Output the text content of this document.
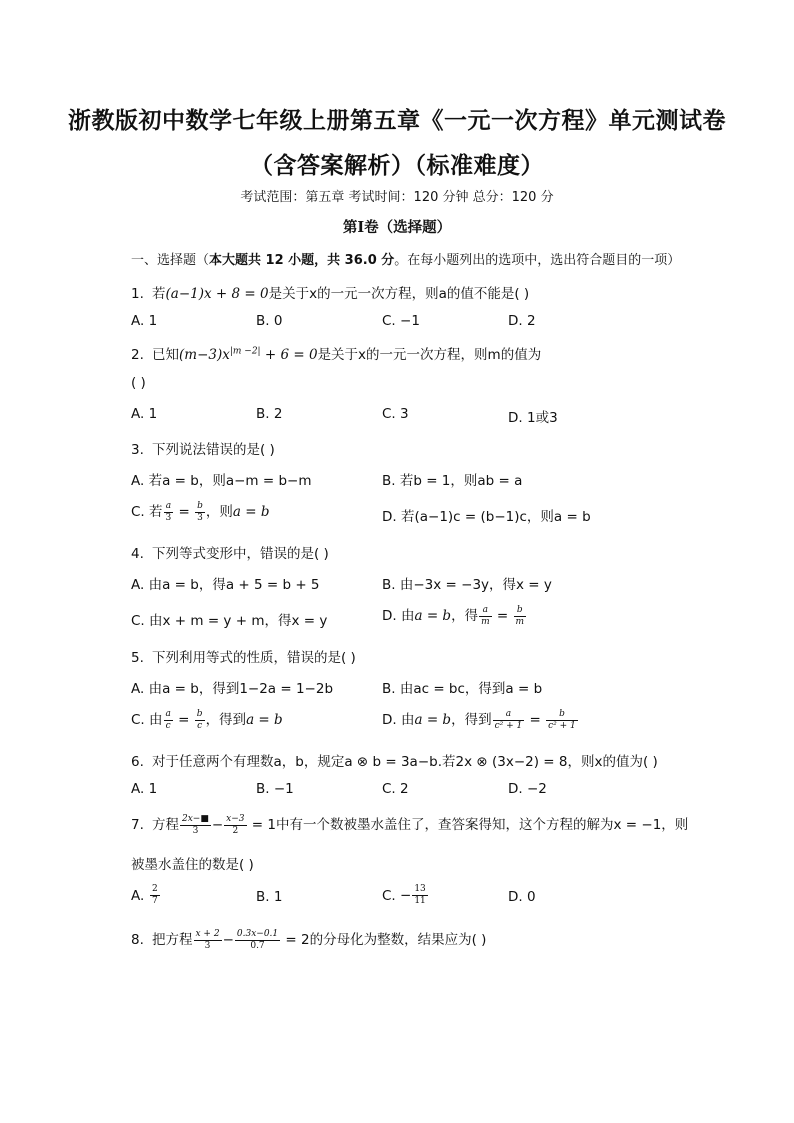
浙教版初中数学七年级上册第五章《一元一次方程》单元测试卷
（含答案解析）（标准难度）
考试范围：第五章 考试时间：120 分钟 总分：120 分
第Ⅰ卷（选择题）
一、选择题（本大题共 12 小题，共 36.0 分。在每小题列出的选项中，选出符合题目的一项）
1. 若(a−1)x + 8 = 0是关于x的一元一次方程，则a的值不能是( )
A. 1	B. 0	C. −1	D. 2
2. 已知$(m-3)x^{|m -2|} + 6 = 0$是关于x的一元一次方程，则m的值为
( )
A. 1	B. 2	C. 3	D. 1或3
3. 下列说法错误的是( )
A. 若a = b，则a−m = b−m	B. 若b = 1，则ab = a
C. 若 $\frac{a}{3} = \frac{b}{3}$ ，则a = b	D. 若(a−1)c = (b−1)c，则a = b
4. 下列等式变形中，错误的是( )
A. 由a = b，得a + 5 = b + 5	B. 由−3x = −3y，得x = y
C. 由x + m = y + m，得x = y	D. 由a = b，得 $\frac{a}{m} = \frac{b}{m}$
5. 下列利用等式的性质，错误的是( )
A. 由a = b，得到1−2a = 1−2b	B. 由ac = bc，得到a = b
C. 由 $\frac{a}{c} = \frac{b}{c}$ ，得到a = b	D. 由a = b，得到 $\frac{a}{\text{c² + 1}} = \frac{b}{\text{c² + 1}}$
6. 对于任意两个有理数a，b，规定a ⊗ b = 3a−b.若2x ⊗ (3x−2) = 8，则x的值为( )
A. 1	B. −1	C. 2	D. −2
7. 方程 $\frac{2x-■}{3} - \frac{x-3}{2} = 1$中有一个数被墨水盖住了，查答案得知，这个方程的解为x = −1，则
被墨水盖住的数是( )
A. $\frac{2}{7}$	B. 1	C. − $\frac{13}{11}$	D. 0
8. 把方程 $\frac{x + 2}{3} - \frac{0.3x-0.1}{0.7} = 2$的分母化为整数，结果应为( )
